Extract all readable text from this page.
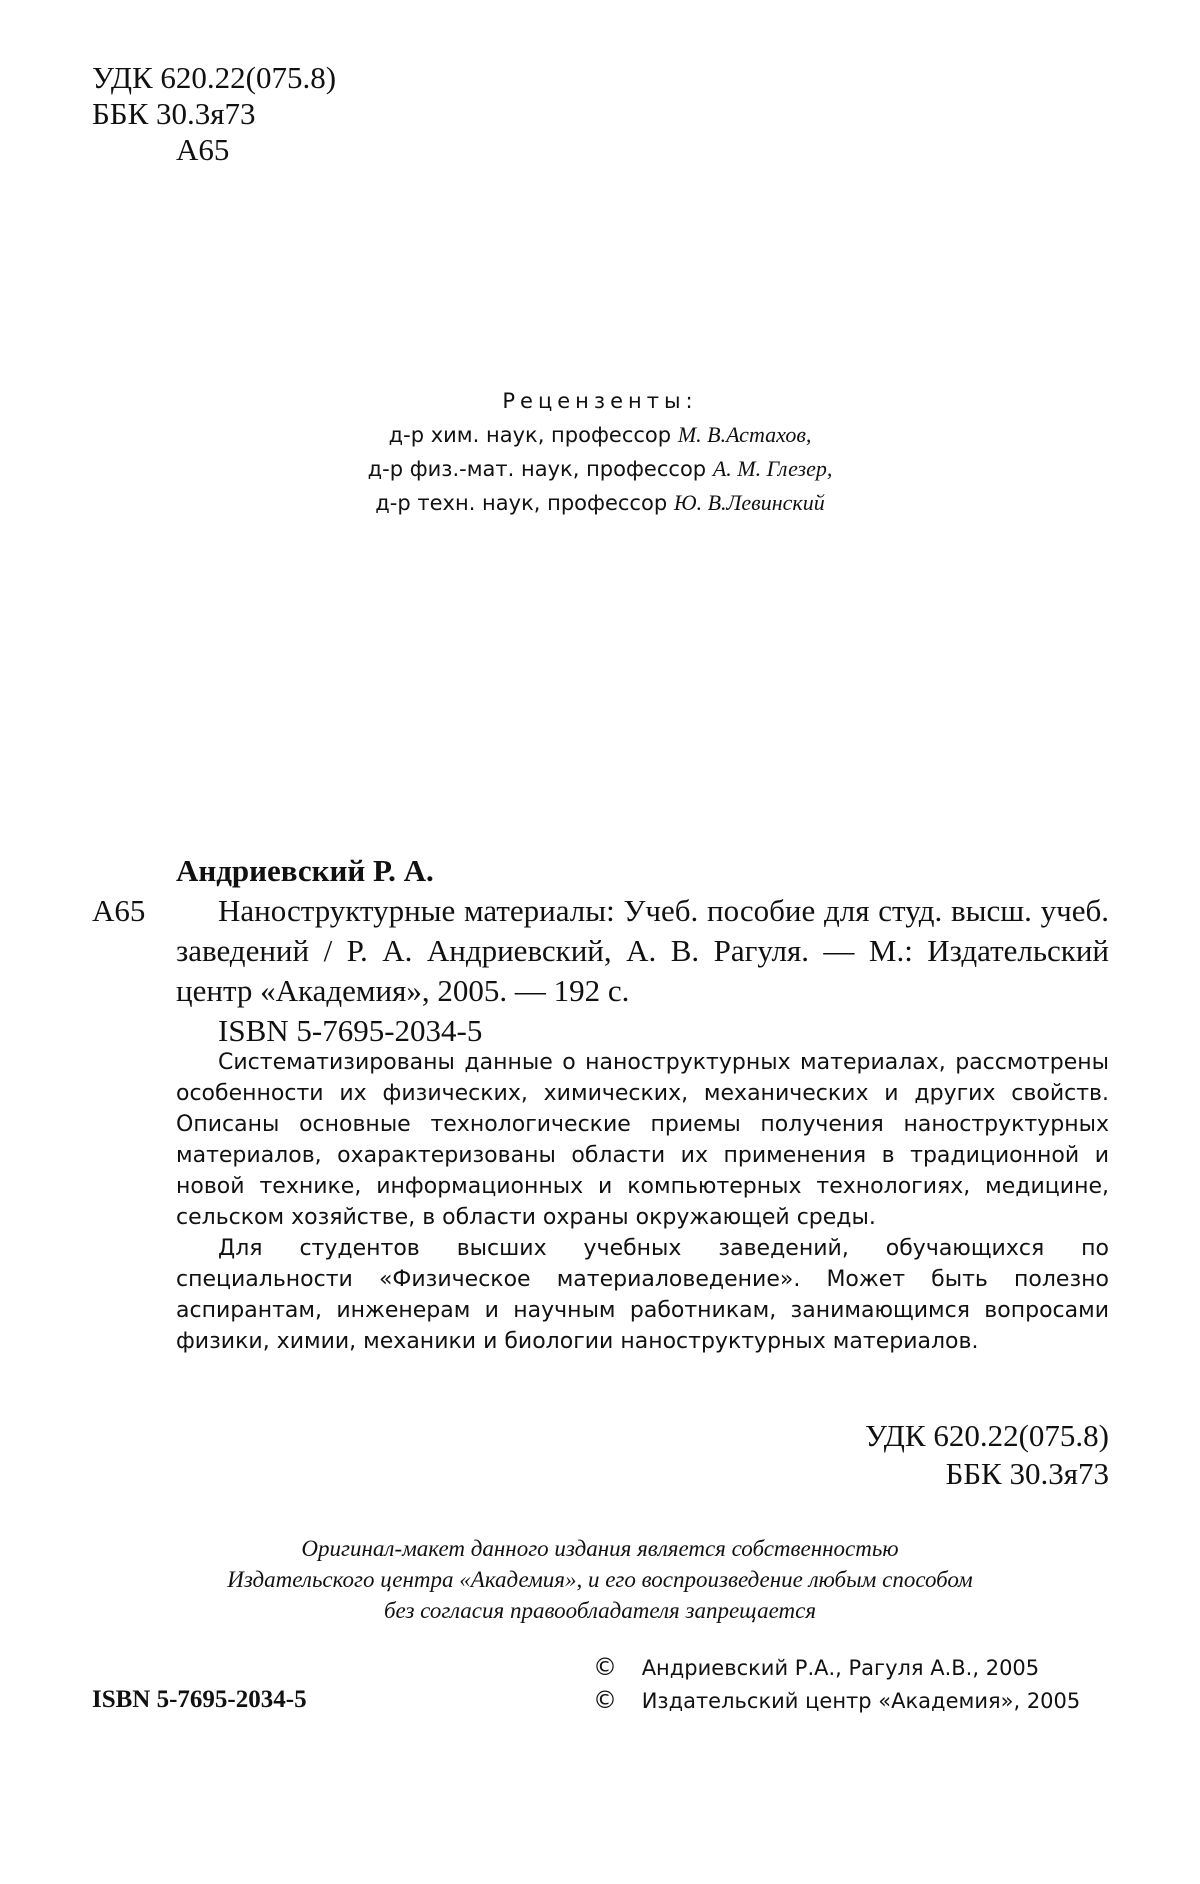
УДК 620.22(075.8)
ББК 30.3я73
А65
Рецензенты:
д-р хим. наук, профессор М. В.Астахов,
д-р физ.-мат. наук, профессор А. М. Глезер,
д-р техн. наук, профессор Ю. В.Левинский
Андриевский Р. А.
А65	Наноструктурные материалы: Учеб. пособие для студ. высш. учеб. заведений / Р. А. Андриевский, А. В. Рагуля. — М.: Издательский центр «Академия», 2005. — 192 с.
ISBN 5-7695-2034-5

Систематизированы данные о наноструктурных материалах, рассмотрены особенности их физических, химических, механических и других свойств. Описаны основные технологические приемы получения наноструктурных материалов, охарактеризованы области их применения в традиционной и новой технике, информационных и компьютерных технологиях, медицине, сельском хозяйстве, в области охраны окружающей среды.

Для студентов высших учебных заведений, обучающихся по специальности «Физическое материаловедение». Может быть полезно аспирантам, инженерам и научным работникам, занимающимся вопросами физики, химии, механики и биологии наноструктурных материалов.

УДК 620.22(075.8)
ББК 30.3я73
Оригинал-макет данного издания является собственностью
Издательского центра «Академия», и его воспроизведение любым способом
без согласия правообладателя запрещается
ISBN 5-7695-2034-5
© Андриевский Р.А., Рагуля А.В., 2005
© Издательский центр «Академия», 2005
